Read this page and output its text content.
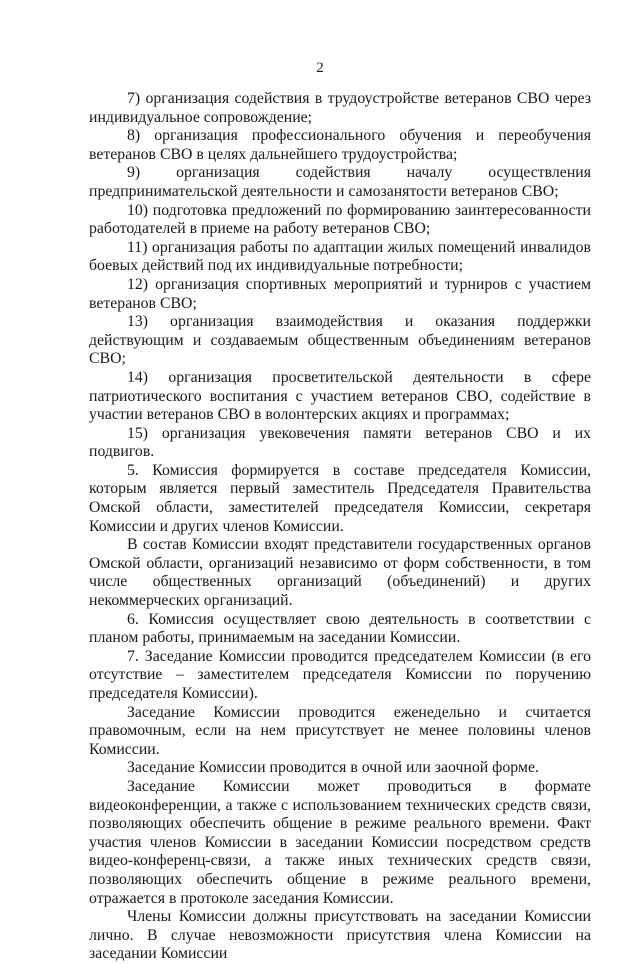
2

7) организация содействия в трудоустройстве ветеранов СВО через индивидуальное сопровождение;

8) организация профессионального обучения и переобучения ветеранов СВО в целях дальнейшего трудоустройства;

9) организация содействия началу осуществления предпринимательской деятельности и самозанятости ветеранов СВО;

10) подготовка предложений по формированию заинтересованности работодателей в приеме на работу ветеранов СВО;

11) организация работы по адаптации жилых помещений инвалидов боевых действий под их индивидуальные потребности;

12) организация спортивных мероприятий и турниров с участием ветеранов СВО;

13) организация взаимодействия и оказания поддержки действующим и создаваемым общественным объединениям ветеранов СВО;

14) организация просветительской деятельности в сфере патриотического воспитания с участием ветеранов СВО, содействие в участии ветеранов СВО в волонтерских акциях и программах;

15) организация увековечения памяти ветеранов СВО и их подвигов.

5. Комиссия формируется в составе председателя Комиссии, которым является первый заместитель Председателя Правительства Омской области, заместителей председателя Комиссии, секретаря Комиссии и других членов Комиссии.

В состав Комиссии входят представители государственных органов Омской области, организаций независимо от форм собственности, в том числе общественных организаций (объединений) и других некоммерческих организаций.

6. Комиссия осуществляет свою деятельность в соответствии с планом работы, принимаемым на заседании Комиссии.

7. Заседание Комиссии проводится председателем Комиссии (в его отсутствие – заместителем председателя Комиссии по поручению председателя Комиссии).

Заседание Комиссии проводится еженедельно и считается правомочным, если на нем присутствует не менее половины членов Комиссии.

Заседание Комиссии проводится в очной или заочной форме.

Заседание Комиссии может проводиться в формате видеоконференции, а также с использованием технических средств связи, позволяющих обеспечить общение в режиме реального времени. Факт участия членов Комиссии в заседании Комиссии посредством средств видео-конференц-связи, а также иных технических средств связи, позволяющих обеспечить общение в режиме реального времени, отражается в протоколе заседания Комиссии.

Члены Комиссии должны присутствовать на заседании Комиссии лично. В случае невозможности присутствия члена Комиссии на заседании Комиссии
